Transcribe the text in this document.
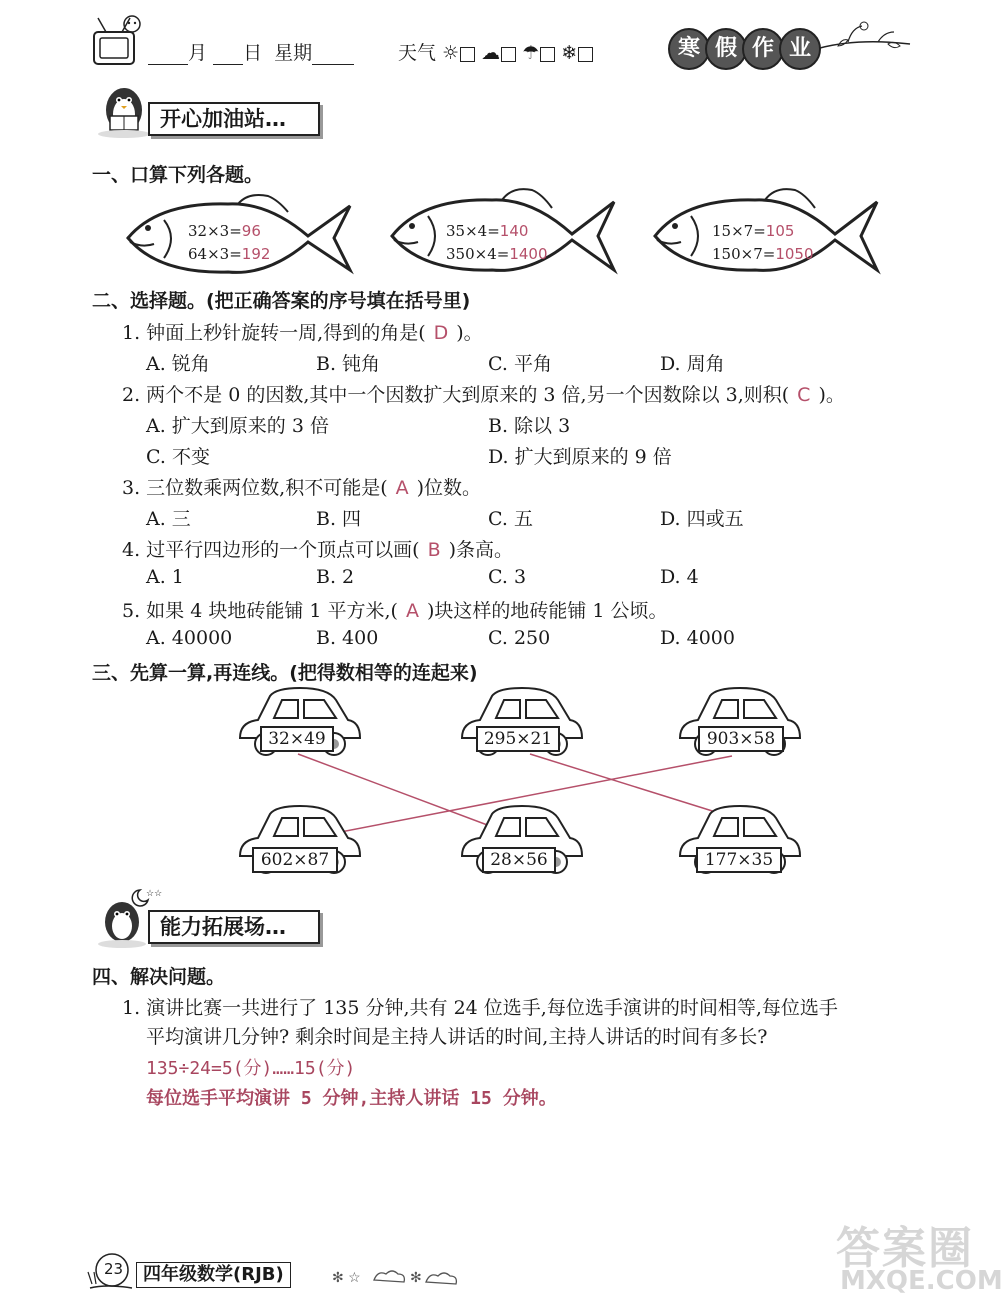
月 日 星期	天气 ☼ ☁ ☂ ❄	寒 假 作 业
开心加油站…
一、口算下列各题。
32×3=96
64×3=192
35×4=140
350×4=1400
15×7=105
150×7=1050
二、选择题。(把正确答案的序号填在括号里)
1. 钟面上秒针旋转一周,得到的角是( D )。
A. 锐角	B. 钝角	C. 平角	D. 周角
2. 两个不是 0 的因数,其中一个因数扩大到原来的 3 倍,另一个因数除以 3,则积( C )。
A. 扩大到原来的 3 倍	B. 除以 3
C. 不变	D. 扩大到原来的 9 倍
3. 三位数乘两位数,积不可能是( A )位数。
A. 三	B. 四	C. 五	D. 四或五
4. 过平行四边形的一个顶点可以画( B )条高。
A. 1	B. 2	C. 3	D. 4
5. 如果 4 块地砖能铺 1 平方米,( A )块这样的地砖能铺 1 公顷。
A. 40000	B. 400	C. 250	D. 4000
三、先算一算,再连线。(把得数相等的连起来)
32×49	295×21	903×58
602×87	28×56	177×35
☆☆
能力拓展场…
四、解决问题。
1. 演讲比赛一共进行了 135 分钟,共有 24 位选手,每位选手演讲的时间相等,每位选手
平均演讲几分钟? 剩余时间是主持人讲话的时间,主持人讲话的时间有多长?
135÷24=5(分)……15(分)
每位选手平均演讲 5 分钟,主持人讲话 15 分钟。
23	四年级数学(RJB)	✻ ☆	✻
答案圈
MXQE.COM
